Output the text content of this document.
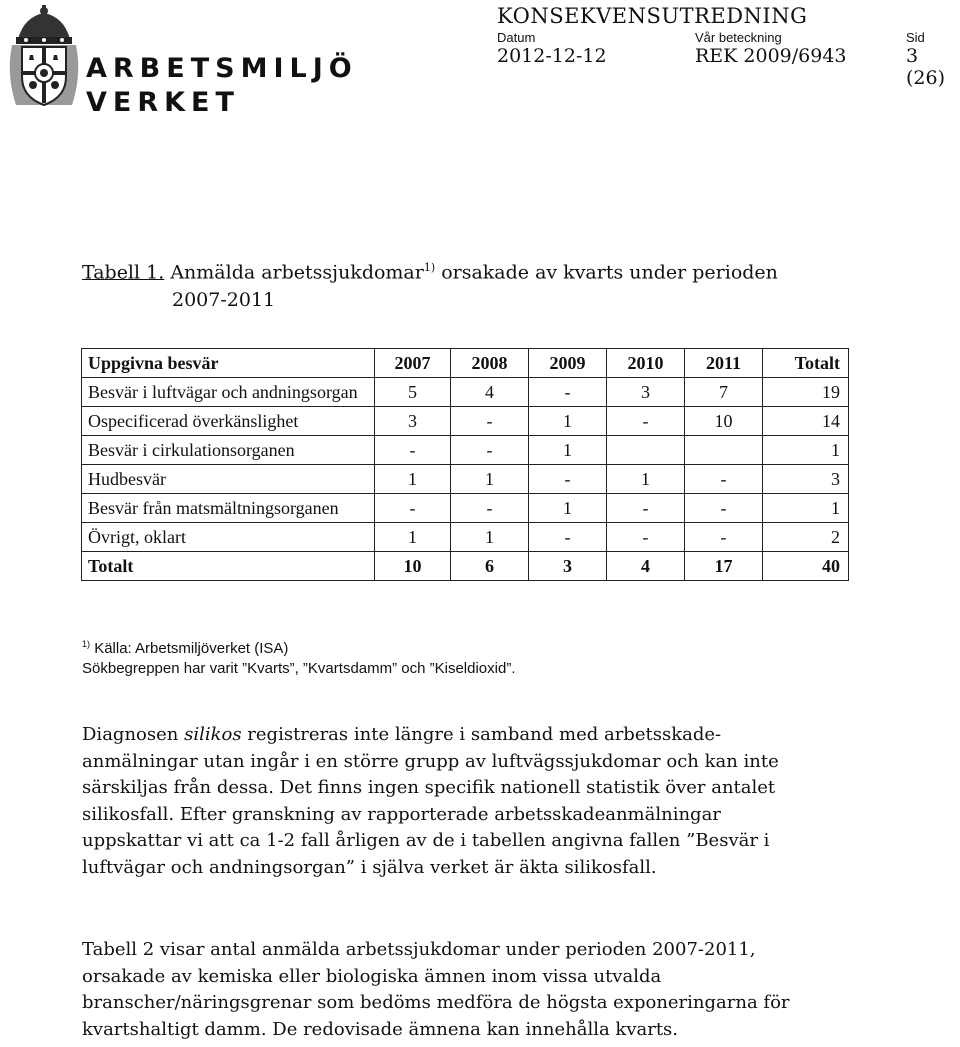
ARBETSMILJÖ
VERKET
KONSEKVENSUTREDNING
Datum	Vår beteckning	Sid
2012-12-12	REK 2009/6943	3 (26)
Tabell 1. Anmälda arbetssjukdomar$^{1)}$ orsakade av kvarts under perioden
2007-2011
Uppgivna besvär	2007	2008	2009	2010	2011	Totalt
Besvär i luftvägar och andningsorgan	5	4	-	3	7	19
Ospecificerad överkänslighet	3	-	1	-	10	14
Besvär i cirkulationsorganen	-	-	1			1
Hudbesvär	1	1	-	1	-	3
Besvär från matsmältningsorganen	-	-	1	-	-	1
Övrigt, oklart	1	1	-	-	-	2
Totalt	10	6	3	4	17	40
$^{1)}$ Källa: Arbetsmiljöverket (ISA)
Sökbegreppen har varit ”Kvarts”, ”Kvartsdamm” och ”Kiseldioxid”.
Diagnosen silikos registreras inte längre i samband med arbetsskade-
anmälningar utan ingår i en större grupp av luftvägssjukdomar och kan inte
särskiljas från dessa. Det finns ingen specifik nationell statistik över antalet
silikosfall. Efter granskning av rapporterade arbetsskadeanmälningar
uppskattar vi att ca 1-2 fall årligen av de i tabellen angivna fallen ”Besvär i
luftvägar och andningsorgan” i själva verket är äkta silikosfall.
Tabell 2 visar antal anmälda arbetssjukdomar under perioden 2007-2011,
orsakade av kemiska eller biologiska ämnen inom vissa utvalda
branscher/näringsgrenar som bedöms medföra de högsta exponeringarna för
kvartshaltigt damm. De redovisade ämnena kan innehålla kvarts.
